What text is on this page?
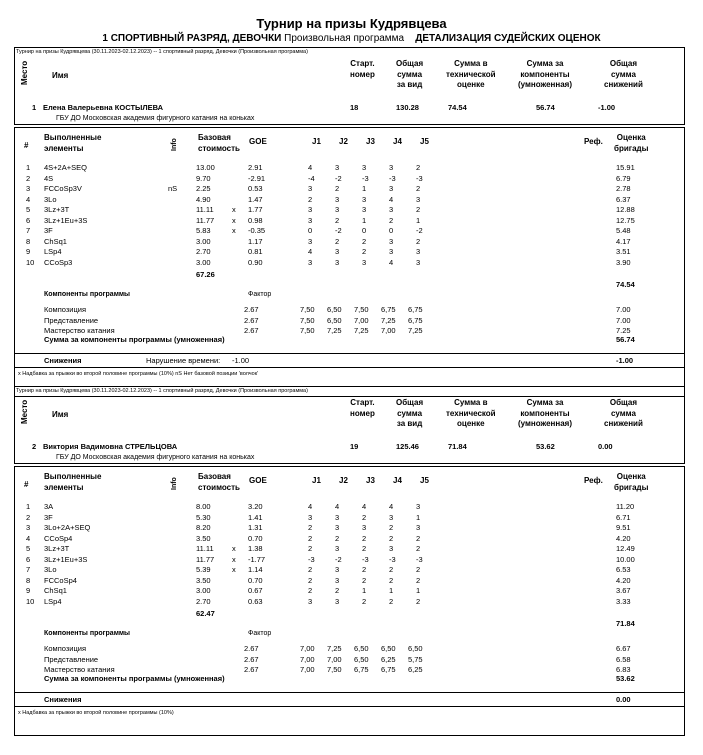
Турнир на призы Кудрявцева
1 СПОРТИВНЫЙ РАЗРЯД, ДЕВОЧКИ Произвольная программа ДЕТАЛИЗАЦИЯ СУДЕЙСКИХ ОЦЕНОК
Турнир на призы Кудрявцева (30.11.2023-02.12.2023) -- 1 спортивный разряд, Девочки (Произвольная программа)
Место	Имя
Старт.
номер
Общая
сумма
за вид
Сумма в
технической
оценке
Сумма за
компоненты
(умноженная)
Общая
сумма
снижений
1 Елена Валерьевна КОСТЫЛЕВА
ГБУ ДО Московская академия фигурного катания на коньках
18	130.28	74.54	56.74	-1.00
#
Выполненные
элементы	Info
Базовая
стоимость
GOE	J1 J2 J3 J4 J5	Реф.	Оценка
бригады
1 4S+2A+SEQ	13.00	2.91	4	3	3	3	2	15.91
2 4S	9.70	-2.91	-4	-2	-3	-3	-3	6.79
3 FCCoSp3V	nS	2.25	0.53	3	2	1	3	2	2.78
4 3Lo	4.90	1.47	2	3	3	4	3	6.37
5 3Lz+3T	11.11 x 1.77	3	3	3	3	2	12.88
6 3Lz+1Eu+3S	11.77 x 0.98	3	2	1	2	1	12.75
7 3F	5.83	x -0.35	0	-2	0	0	-2	5.48
8 ChSq1	3.00	1.17	3	2	2	3	2	4.17
9 LSp4	2.70	0.81	4	3	2	3	3	3.51
10 CCoSp3	3.00	0.90	3	3	3	4	3	3.90
67.26
74.54
Компоненты программы	Фактор
Композиция	2.67	7,50 6,50 7,50 6,75 6,75	7.00
Представление	2.67	7,50 6,50 7,00 7,25 6,75	7.00
Мастерство катания	2.67	7,50 7,25 7,25 7,00 7,25	7.25
Сумма за компоненты программы (умноженная)	56.74
Снижения	Нарушение времени: -1.00	-1.00
x Надбавка за прыжки во второй половине программы (10%) nS Нет базовой позиции 'волчок'
Турнир на призы Кудрявцева (30.11.2023-02.12.2023) -- 1 спортивный разряд, Девочки (Произвольная программа)
Место	Имя
Старт.
номер
Общая
сумма
за вид
Сумма в
технической
оценке
Сумма за
компоненты
(умноженная)
Общая
сумма
снижений
2 Виктория Вадимовна СТРЕЛЬЦОВА
ГБУ ДО Московская академия фигурного катания на коньках
19	125.46	71.84	53.62	0.00
#
Выполненные
элементы	Info
Базовая
стоимость
GOE	J1 J2 J3 J4 J5	Реф.	Оценка
бригады
1 3A	8.00	3.20	4	4	4	4	3	11.20
2 3F	5.30	1.41	3	3	2	3	1	6.71
3 3Lo+2A+SEQ	8.20	1.31	2	3	3	2	3	9.51
4 CCoSp4	3.50	0.70	2	2	2	2	2	4.20
5 3Lz+3T	11.11 x 1.38	2	3	2	3	2	12.49
6 3Lz+1Eu+3S	11.77 x -1.77	-3	-2	-3	-3	-3	10.00
7 3Lo	5.39	x 1.14	2	3	2	2	2	6.53
8 FCCoSp4	3.50	0.70	2	3	2	2	2	4.20
9 ChSq1	3.00	0.67	2	2	1	1	1	3.67
10 LSp4	2.70	0.63	3	3	2	2	2	3.33
62.47
71.84
Компоненты программы	Фактор
Композиция	2.67	7,00 7,25 6,50 6,50 6,50	6.67
Представление	2.67	7,00 7,00 6,50 6,25 5,75	6.58
Мастерство катания	2.67	7,00 7,50 6,75 6,75 6,25	6.83
Сумма за компоненты программы (умноженная)	53.62
Снижения	0.00
x Надбавка за прыжки во второй половине программы (10%)
